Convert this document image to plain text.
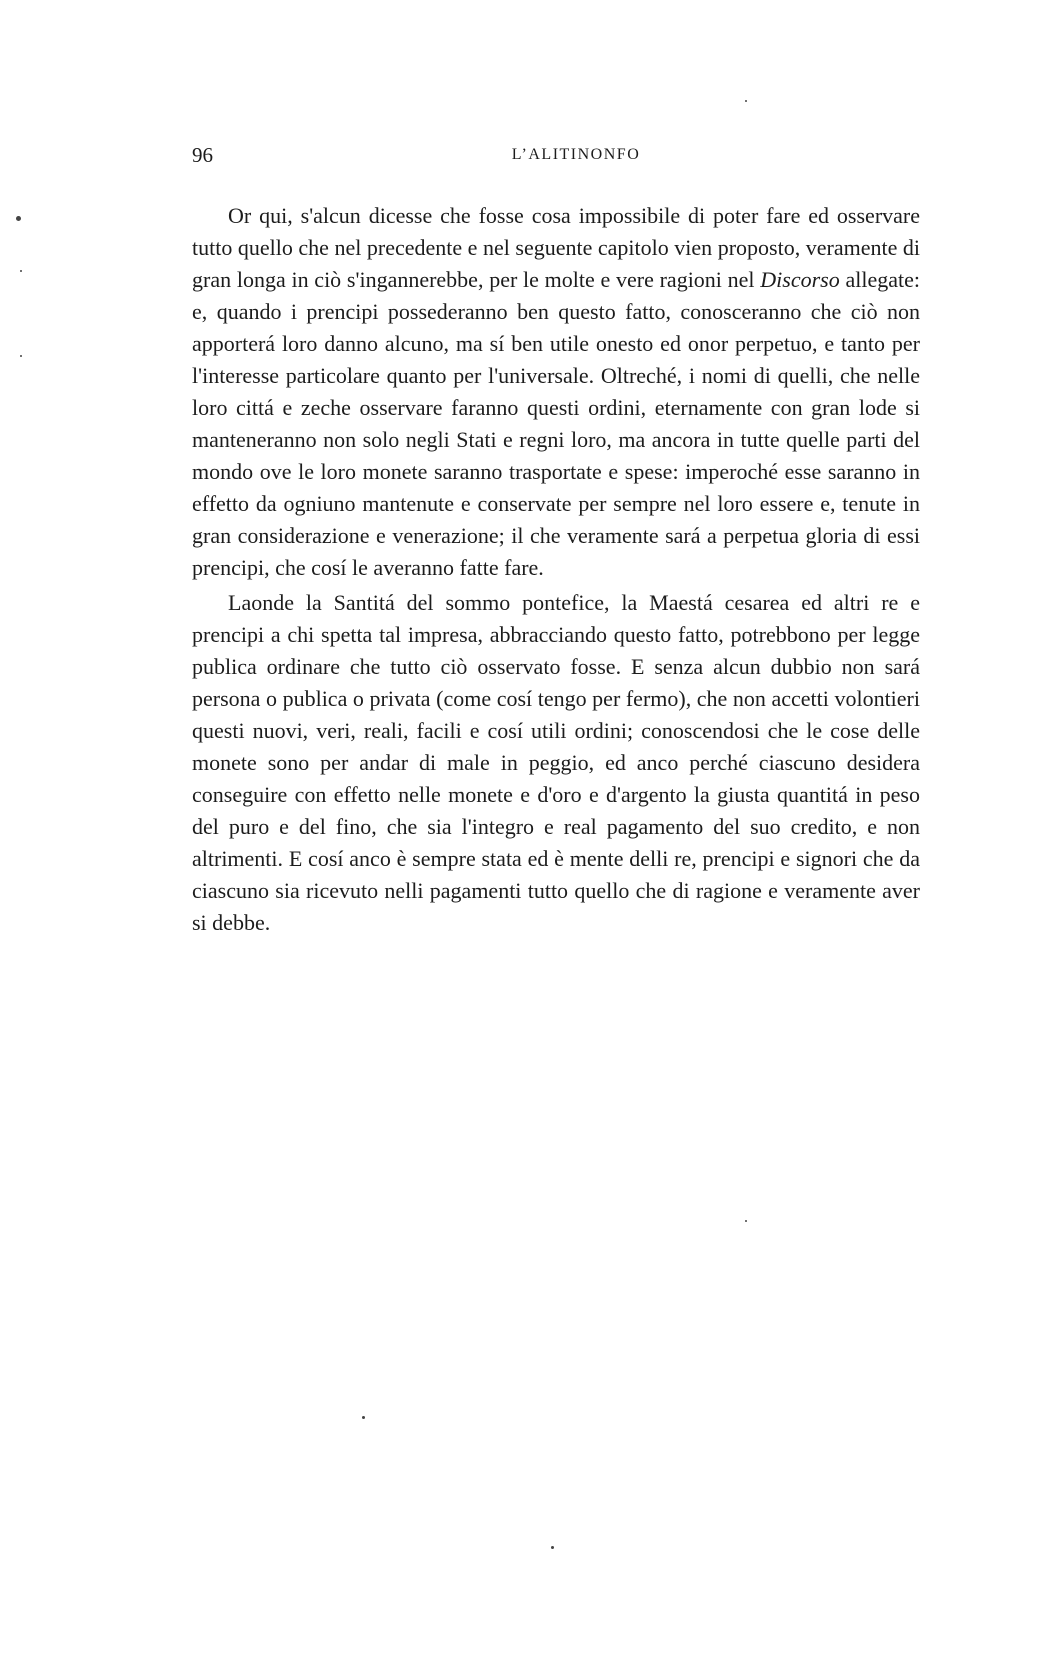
96	L’ALITINONFO

Or qui, s'alcun dicesse che fosse cosa impossibile di poter fare ed osservare tutto quello che nel precedente e nel seguente capitolo vien proposto, veramente di gran longa in ciò s'ingannerebbe, per le molte e vere ragioni nel Discorso allegate: e, quando i prencipi possederanno ben questo fatto, conosceranno che ciò non apporterá loro danno alcuno, ma sí ben utile onesto ed onor perpetuo, e tanto per l'interesse particolare quanto per l'universale. Oltreché, i nomi di quelli, che nelle loro cittá e zeche osservare faranno questi ordini, eternamente con gran lode si manteneranno non solo negli Stati e regni loro, ma ancora in tutte quelle parti del mondo ove le loro monete saranno trasportate e spese: imperoché esse saranno in effetto da ogniuno mantenute e conservate per sempre nel loro essere e, tenute in gran considerazione e venerazione; il che veramente sará a perpetua gloria di essi prencipi, che cosí le averanno fatte fare.

Laonde la Santitá del sommo pontefice, la Maestá cesarea ed altri re e prencipi a chi spetta tal impresa, abbracciando questo fatto, potrebbono per legge publica ordinare che tutto ciò osservato fosse. E senza alcun dubbio non sará persona o publica o privata (come cosí tengo per fermo), che non accetti volontieri questi nuovi, veri, reali, facili e cosí utili ordini; conoscendosi che le cose delle monete sono per andar di male in peggio, ed anco perché ciascuno desidera conseguire con effetto nelle monete e d'oro e d'argento la giusta quantitá in peso del puro e del fino, che sia l'integro e real pagamento del suo credito, e non altrimenti. E cosí anco è sempre stata ed è mente delli re, prencipi e signori che da ciascuno sia ricevuto nelli pagamenti tutto quello che di ragione e veramente aver si debbe.
